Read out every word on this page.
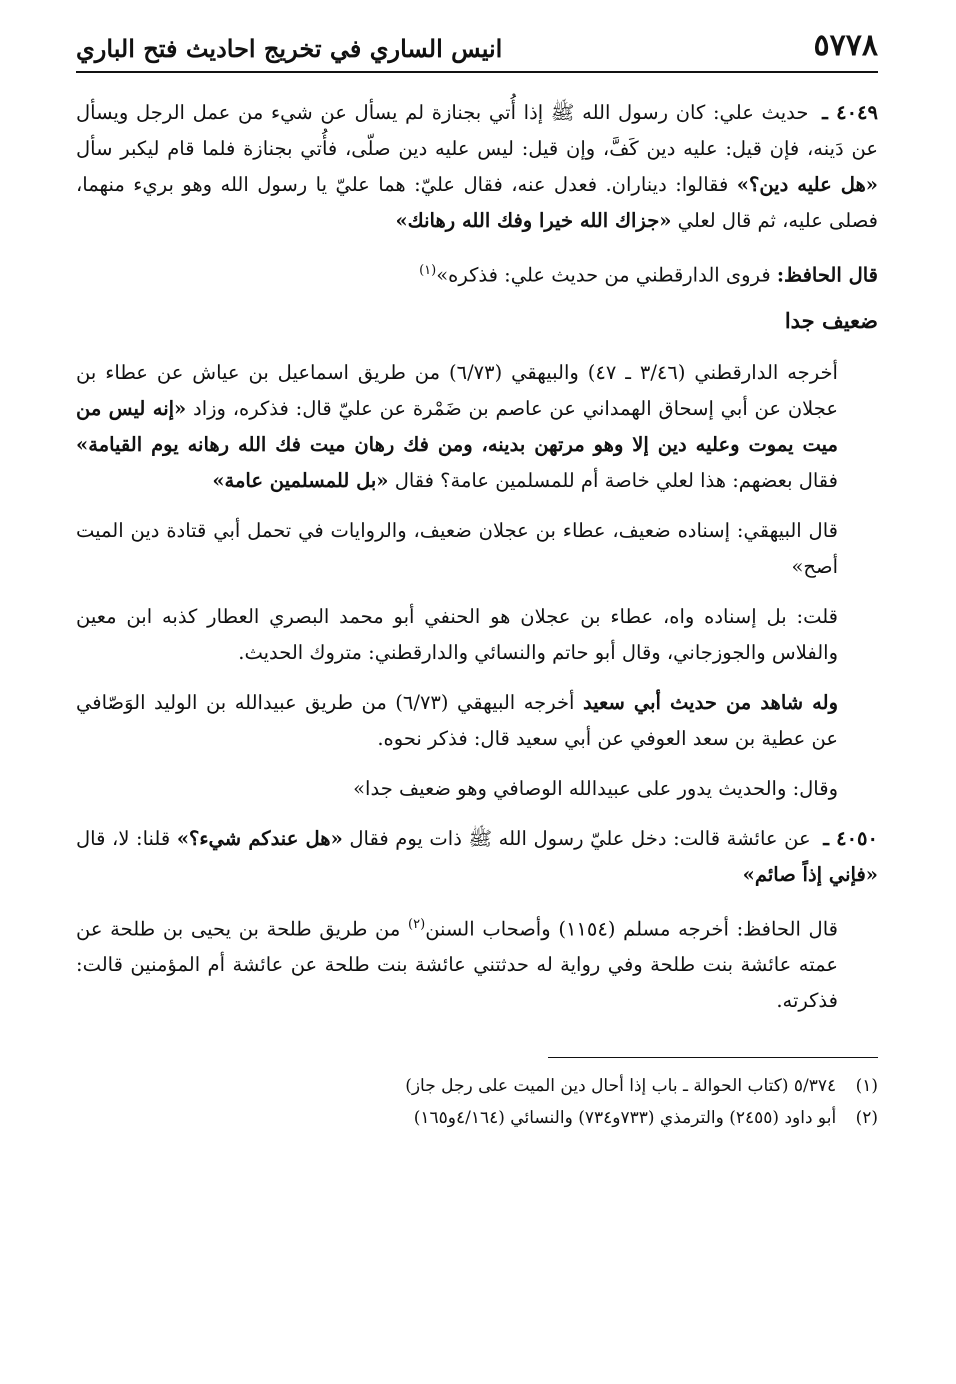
٥٧٧٨
انيس الساري في تخريج احاديث فتح الباري

٤٠٤٩ ـ حديث علي: كان رسول الله ﷺ إذا أُتي بجنازة لم يسأل عن شيء من عمل الرجل ويسأل عن دَينه، فإن قيل: عليه دين كَفَّ، وإن قيل: ليس عليه دين صلّى، فأُتي بجنازة فلما قام ليكبر سأل «هل عليه دين؟» فقالوا: ديناران. فعدل عنه، فقال عليّ: هما عليّ يا رسول الله وهو بريء منهما، فصلى عليه، ثم قال لعلي «جزاك الله خيرا وفك الله رهانك»

قال الحافظ: فروى الدارقطني من حديث علي: فذكره»$^{(١)}$

ضعيف جدا

أخرجه الدارقطني (٣/٤٦ ـ ٤٧) والبيهقي (٦/٧٣) من طريق اسماعيل بن عياش عن عطاء بن عجلان عن أبي إسحاق الهمداني عن عاصم بن ضَمْرة عن عليّ قال: فذكره، وزاد «إنه ليس من ميت يموت وعليه دين إلا وهو مرتهن بدينه، ومن فك رهان ميت فك الله رهانه يوم القيامة» فقال بعضهم: هذا لعلي خاصة أم للمسلمين عامة؟ فقال «بل للمسلمين عامة»

قال البيهقي: إسناده ضعيف، عطاء بن عجلان ضعيف، والروايات في تحمل أبي قتادة دين الميت أصح»

قلت: بل إسناده واه، عطاء بن عجلان هو الحنفي أبو محمد البصري العطار كذبه ابن معين والفلاس والجوزجاني، وقال أبو حاتم والنسائي والدارقطني: متروك الحديث.

وله شاهد من حديث أبي سعيد أخرجه البيهقي (٦/٧٣) من طريق عبيدالله بن الوليد الوَصّافي عن عطية بن سعد العوفي عن أبي سعيد قال: فذكر نحوه.

وقال: والحديث يدور على عبيدالله الوصافي وهو ضعيف جدا»

٤٠٥٠ ـ عن عائشة قالت: دخل عليّ رسول الله ﷺ ذات يوم فقال «هل عندكم شيء؟» قلنا: لا، قال «فإني إذاً صائم»

قال الحافظ: أخرجه مسلم (١١٥٤) وأصحاب السنن$^{(٢)}$ من طريق طلحة بن يحيى بن طلحة عن عمته عائشة بنت طلحة وفي رواية له حدثتني عائشة بنت طلحة عن عائشة أم المؤمنين قالت: فذكرته.

(١) ٥/٣٧٤ (كتاب الحوالة ـ باب إذا أحال دين الميت على رجل جاز)
(٢) أبو داود (٢٤٥٥) والترمذي (٧٣٣و٧٣٤) والنسائي (٤/١٦٤و١٦٥)
